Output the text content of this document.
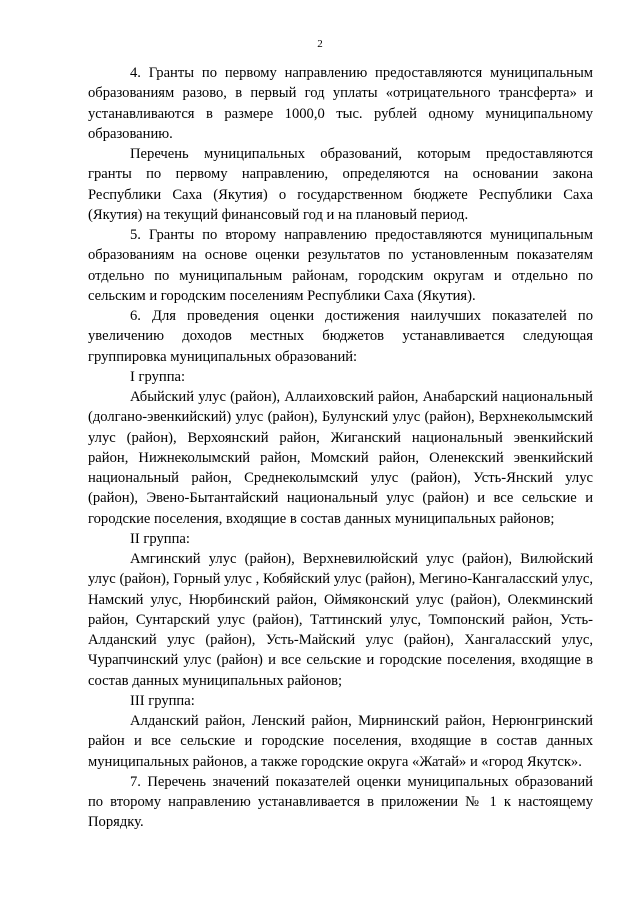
2

4. Гранты по первому направлению предоставляются муниципальным образованиям разово, в первый год уплаты «отрицательного трансферта» и устанавливаются в размере 1000,0 тыс. рублей одному муниципальному образованию.

Перечень муниципальных образований, которым предоставляются гранты по первому направлению, определяются на основании закона Республики Саха (Якутия) о государственном бюджете Республики Саха (Якутия) на текущий финансовый год и на плановый период.

5. Гранты по второму направлению предоставляются муниципальным образованиям на основе оценки результатов по установленным показателям отдельно по муниципальным районам, городским округам и отдельно по сельским и городским поселениям Республики Саха (Якутия).

6. Для проведения оценки достижения наилучших показателей по увеличению доходов местных бюджетов устанавливается следующая группировка муниципальных образований:

I группа:

Абыйский улус (район), Аллаиховский район, Анабарский национальный (долгано-эвенкийский) улус (район), Булунский улус (район), Верхнеколымский улус (район), Верхоянский район, Жиганский национальный эвенкийский район, Нижнеколымский район, Момский район, Оленекский эвенкийский национальный район, Среднеколымский улус (район), Усть-Янский улус (район), Эвено-Бытантайский национальный улус (район) и все сельские и городские поселения, входящие в состав данных муниципальных районов;

II группа:

Амгинский улус (район), Верхневилюйский улус (район), Вилюйский улус (район), Горный улус , Кобяйский улус (район), Мегино-Кангаласский улус, Намский улус, Нюрбинский район, Оймяконский улус (район), Олекминский район, Сунтарский улус (район), Таттинский улус, Томпонский район, Усть-Алданский улус (район), Усть-Майский улус (район), Хангаласский улус, Чурапчинский улус (район) и все сельские и городские поселения, входящие в состав данных муниципальных районов;

III группа:

Алданский район, Ленский район, Мирнинский район, Нерюнгринский район и все сельские и городские поселения, входящие в состав данных муниципальных районов, а также городские округа «Жатай» и «город Якутск».

7. Перечень значений показателей оценки муниципальных образований по второму направлению устанавливается в приложении № 1 к настоящему Порядку.
